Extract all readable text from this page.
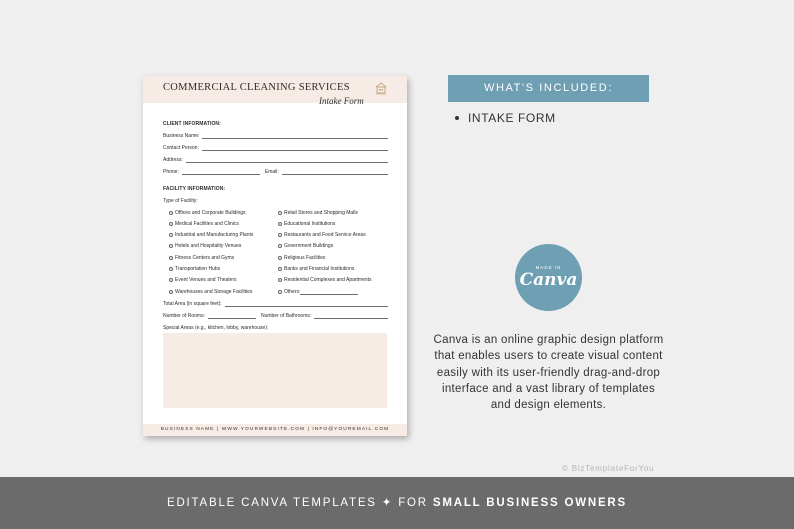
COMMERCIAL CLEANING SERVICES
Intake Form
CLIENT INFORMATION:
Business Name:
Contact Person:
Address:
Phone:	Email:
FACILITY INFORMATION:
Type of Facility:
Offices and Corporate Buildings
Medical Facilities and Clinics
Industrial and Manufacturing Plants
Hotels and Hospitality Venues
Fitness Centers and Gyms
Transportation Hubs
Event Venues and Theaters
Warehouses and Storage Facilities
Retail Stores and Shopping Malls
Educational Institutions
Restaurants and Food Service Areas
Government Buildings
Religious Facilities
Banks and Financial Institutions
Residential Complexes and Apartments
Others:
Total Area (in square feet):
Number of Rooms:	Number of Bathrooms:
Special Areas (e.g., kitchen, lobby, warehouse):
BUSINESS NAME | WWW.YOURWEBSITE.COM | INFO@YOUREMAIL.COM
WHAT'S INCLUDED:
INTAKE FORM
MADE IN
Canva
Canva is an online graphic design platform that enables users to create visual content easily with its user-friendly drag-and-drop interface and a vast library of templates and design elements.
© BizTemplateForYou
EDITABLE CANVA TEMPLATES ✦ FOR SMALL BUSINESS OWNERS
